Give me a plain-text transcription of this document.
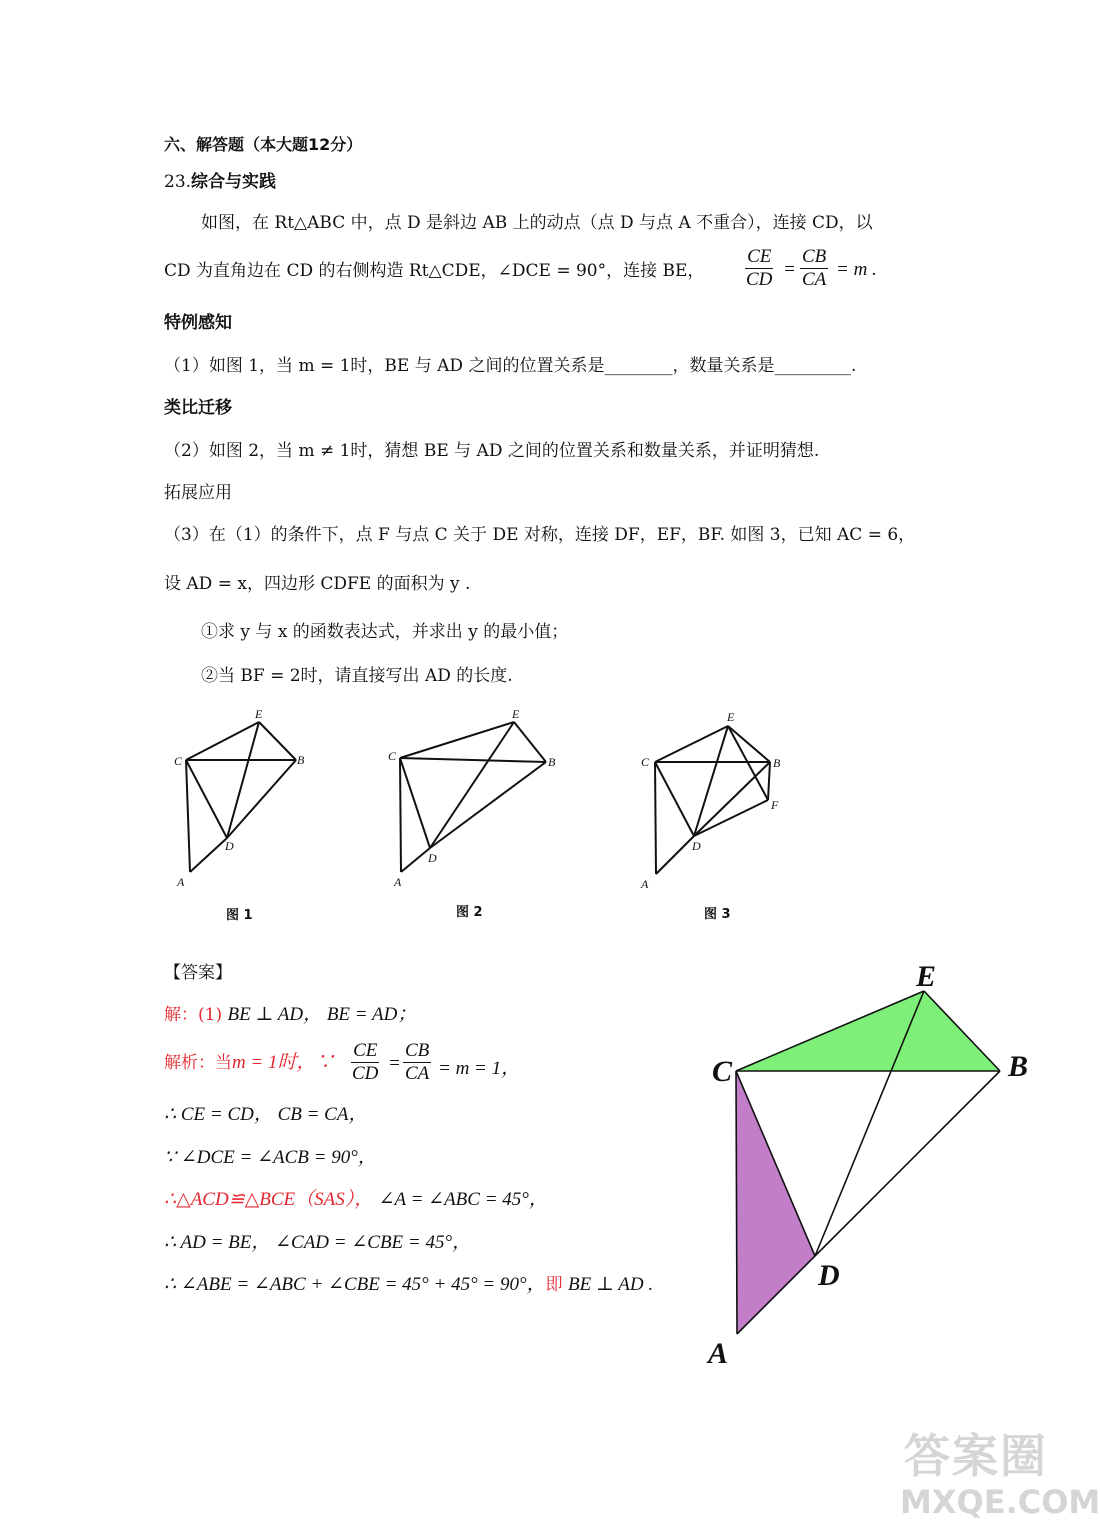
六、解答题（本大题12分）
23.综合与实践
如图，在 Rt△ABC 中，点 D 是斜边 AB 上的动点（点 D 与点 A 不重合），连接 CD，以
CD 为直角边在 CD 的右侧构造 Rt△CDE，∠DCE = 90°，连接 BE， $\frac{CE}{CD} = \frac{CB}{CA} = m$ .
特例感知
（1）如图 1，当 m = 1时，BE 与 AD 之间的位置关系是________，数量关系是_________.
类比迁移
（2）如图 2，当 m ≠ 1时，猜想 BE 与 AD 之间的位置关系和数量关系，并证明猜想.
拓展应用
（3）在（1）的条件下，点 F 与点 C 关于 DE 对称，连接 DF，EF，BF. 如图 3，已知 AC = 6，
设 AD = x，四边形 CDFE 的面积为 y .
①求 y 与 x 的函数表达式，并求出 y 的最小值；
②当 BF = 2时，请直接写出 AD 的长度.
E
C	B
D
A
E
C	B
D
A
E
C	B
F
D
A
图 1	图 2	图 3
【答案】
解：(1) BE ⊥ AD， BE = AD；
解析：当m = 1时，∵ $\frac{CE}{CD} = \frac{CB}{CA} = m = 1$，
∴ CE = CD， CB = CA，
∵ ∠DCE = ∠ACB = 90°，
∴△ACD≌△BCE（SAS）， ∠A = ∠ABC = 45°，
∴ AD = BE， ∠CAD = ∠CBE = 45°，
∴ ∠ABE = ∠ABC + ∠CBE = 45° + 45° = 90°，即 BE ⊥ AD .
E
C	B
D
A
答案圈
MXQE.COM
